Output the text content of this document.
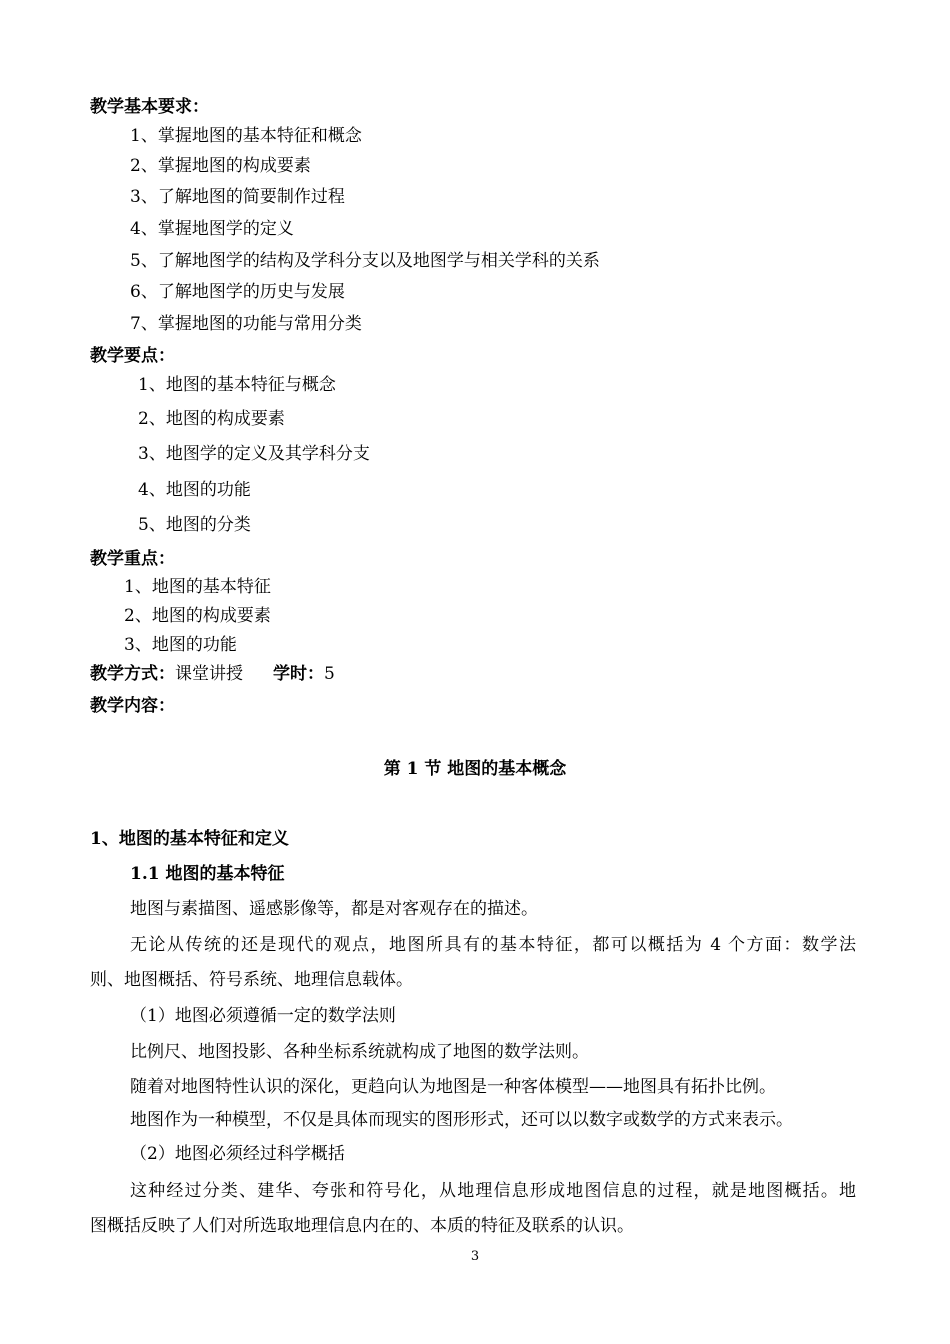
教学基本要求：
1、掌握地图的基本特征和概念
2、掌握地图的构成要素
3、了解地图的简要制作过程
4、掌握地图学的定义
5、了解地图学的结构及学科分支以及地图学与相关学科的关系
6、了解地图学的历史与发展
7、掌握地图的功能与常用分类
教学要点：
1、地图的基本特征与概念
2、地图的构成要素
3、地图学的定义及其学科分支
4、地图的功能
5、地图的分类
教学重点：
1、地图的基本特征
2、地图的构成要素
3、地图的功能
教学方式：课堂讲授 学时：5
教学内容：
第 1 节 地图的基本概念
1、地图的基本特征和定义
1.1 地图的基本特征
地图与素描图、遥感影像等，都是对客观存在的描述。
无论从传统的还是现代的观点，地图所具有的基本特征，都可以概括为 4 个方面：数学法
则、地图概括、符号系统、地理信息载体。
（1）地图必须遵循一定的数学法则
比例尺、地图投影、各种坐标系统就构成了地图的数学法则。
随着对地图特性认识的深化，更趋向认为地图是一种客体模型——地图具有拓扑比例。
地图作为一种模型，不仅是具体而现实的图形形式，还可以以数字或数学的方式来表示。
（2）地图必须经过科学概括
这种经过分类、建华、夸张和符号化，从地理信息形成地图信息的过程，就是地图概括。地
图概括反映了人们对所选取地理信息内在的、本质的特征及联系的认识。
3
